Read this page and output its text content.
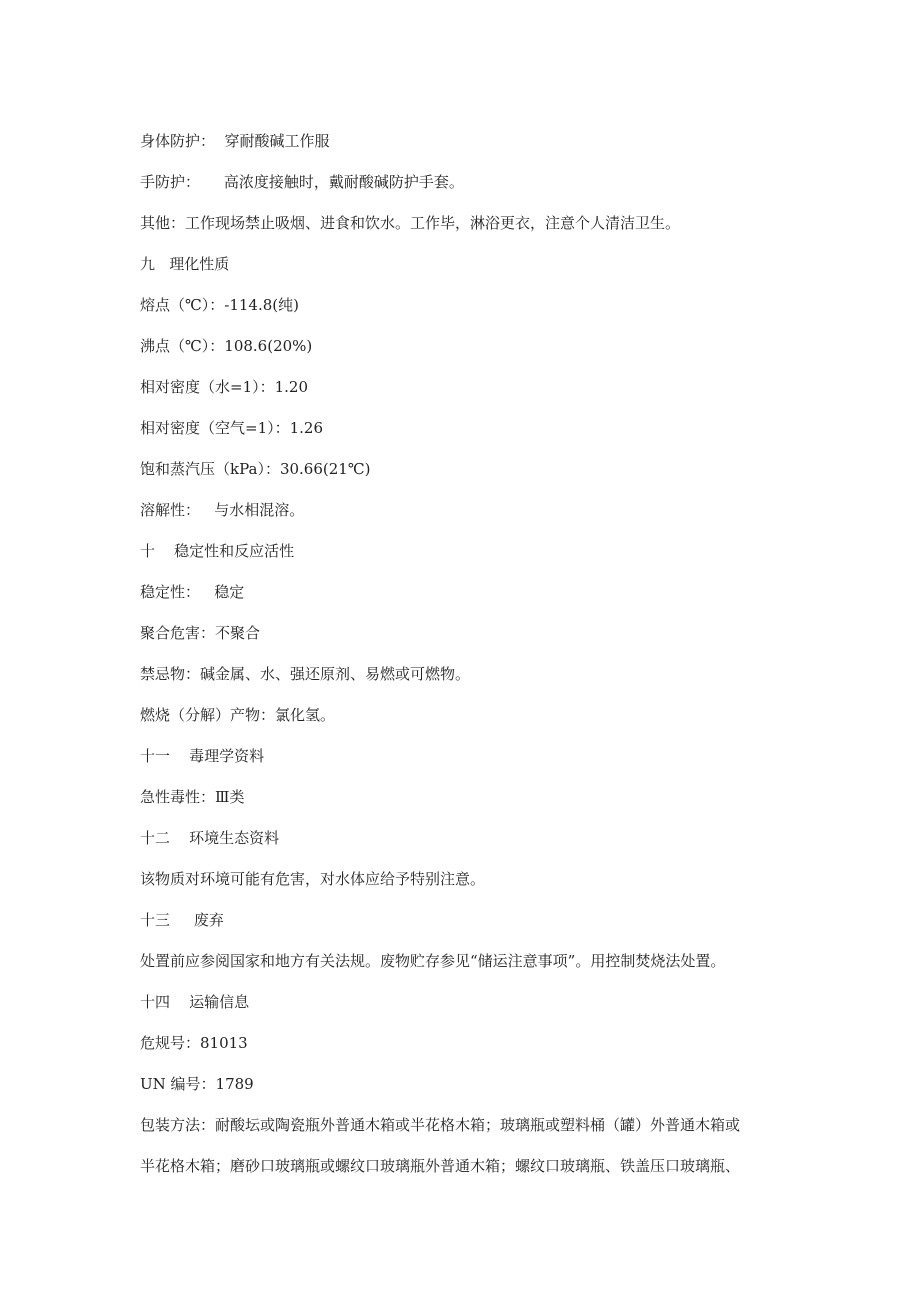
身体防护：  穿耐酸碱工作服
手防护：     高浓度接触时，戴耐酸碱防护手套。
其他：工作现场禁止吸烟、进食和饮水。工作毕，淋浴更衣，注意个人清洁卫生。
九   理化性质
熔点（℃）：-114.8(纯)
沸点（℃）：108.6(20%)
相对密度（水=1）：1.20
相对密度（空气=1）：1.26
饱和蒸汽压（kPa）：30.66(21℃)
溶解性：   与水相混溶。
十    稳定性和反应活性
稳定性：   稳定
聚合危害：不聚合
禁忌物：碱金属、水、强还原剂、易燃或可燃物。
燃烧（分解）产物：氯化氢。
十一    毒理学资料
急性毒性：Ⅲ类
十二    环境生态资料
该物质对环境可能有危害，对水体应给予特别注意。
十三     废弃
处置前应参阅国家和地方有关法规。废物贮存参见“储运注意事项”。用控制焚烧法处置。
十四    运输信息
危规号：81013
UN 编号：1789
包装方法：耐酸坛或陶瓷瓶外普通木箱或半花格木箱；玻璃瓶或塑料桶（罐）外普通木箱或
半花格木箱；磨砂口玻璃瓶或螺纹口玻璃瓶外普通木箱；螺纹口玻璃瓶、铁盖压口玻璃瓶、
